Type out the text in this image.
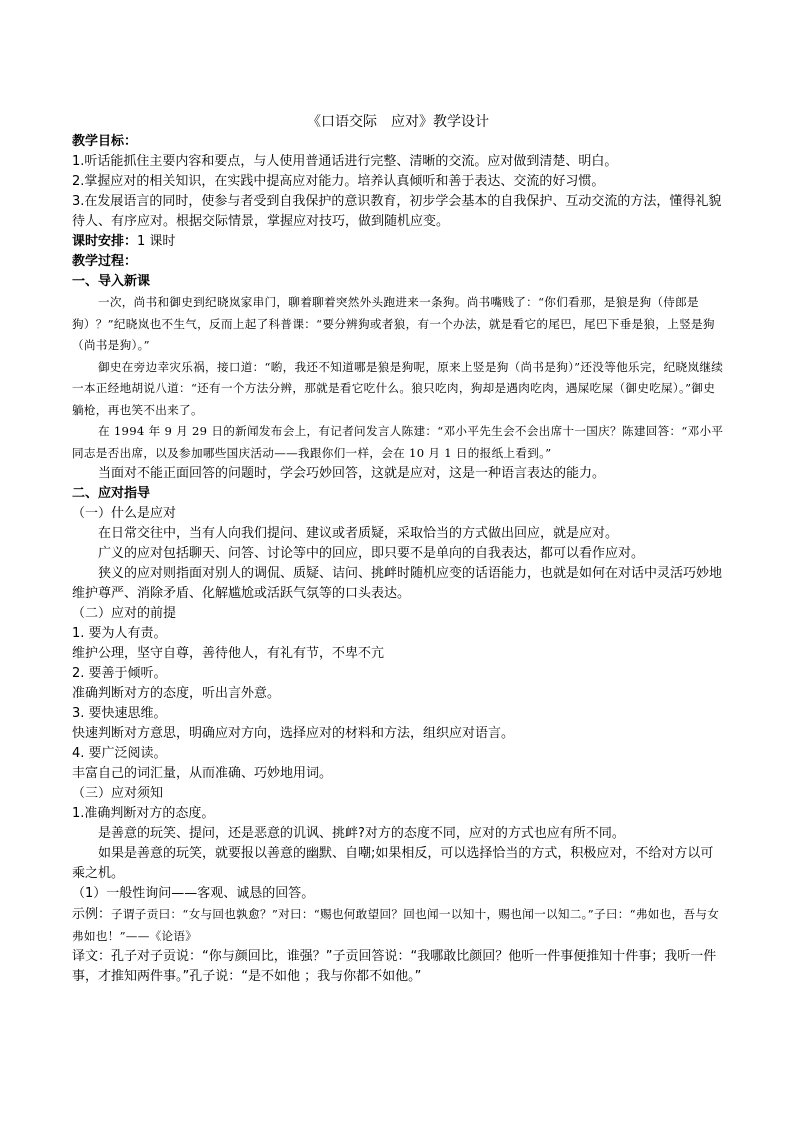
《口语交际　应对》教学设计

教学目标：

1.听话能抓住主要内容和要点，与人使用普通话进行完整、清晰的交流。应对做到清楚、明白。

2.掌握应对的相关知识，在实践中提高应对能力。培养认真倾听和善于表达、交流的好习惯。

3.在发展语言的同时，使参与者受到自我保护的意识教育，初步学会基本的自我保护、互动交流的方法，懂得礼貌待人、有序应对。根据交际情景，掌握应对技巧，做到随机应变。

课时安排：1 课时

教学过程：

一、导入新课

一次，尚书和御史到纪晓岚家串门，聊着聊着突然外头跑进来一条狗。尚书嘴贱了：“你们看那，是狼是狗（侍郎是狗）？”纪晓岚也不生气，反而上起了科普课：“要分辨狗或者狼，有一个办法，就是看它的尾巴，尾巴下垂是狼，上竖是狗（尚书是狗）。”

御史在旁边幸灾乐祸，接口道：“喲，我还不知道哪是狼是狗呢，原来上竖是狗（尚书是狗）”还没等他乐完，纪晓岚继续一本正经地胡说八道：“还有一个方法分辨，那就是看它吃什么。狼只吃肉，狗却是遇肉吃肉，遇屎吃屎（御史吃屎）。”御史躺枪，再也笑不出来了。

在 1994 年 9 月 29 日的新闻发布会上，有记者问发言人陈建：“邓小平先生会不会出席十一国庆？陈建回答：“邓小平同志是否出席，以及参加哪些国庆活动——我跟你们一样，会在 10 月 1 日的报纸上看到。”

当面对不能正面回答的问题时，学会巧妙回答，这就是应对，这是一种语言表达的能力。

二、应对指导

（一）什么是应对

在日常交往中，当有人向我们提问、建议或者质疑，采取恰当的方式做出回应，就是应对。

广义的应对包括聊天、问答、讨论等中的回应，即只要不是单向的自我表达，都可以看作应对。

狭义的应对则指面对别人的调侃、质疑、诘问、挑衅时随机应变的话语能力，也就是如何在对话中灵活巧妙地维护尊严、消除矛盾、化解尴尬或活跃气氛等的口头表达。

（二）应对的前提

1. 要为人有责。

维护公理，坚守自尊，善待他人，有礼有节，不卑不亢

2. 要善于倾听。

准确判断对方的态度，听出言外意。

3. 要快速思维。

快速判断对方意思，明确应对方向，选择应对的材料和方法，组织应对语言。

4. 要广泛阅读。

丰富自己的词汇量，从而准确、巧妙地用词。

（三）应对须知

1.准确判断对方的态度。

是善意的玩笑、提问，还是恶意的讥讽、挑衅?对方的态度不同，应对的方式也应有所不同。

如果是善意的玩笑，就要报以善意的幽默、自嘲;如果相反，可以选择恰当的方式，积极应对，不给对方以可乘之机。

（1）一般性询问——客观、诚恳的回答。

示例：子谓子贡曰：“女与回也孰愈？”对曰：“赐也何敢望回？回也闻一以知十，赐也闻一以知二。”子曰：“弗如也，吾与女弗如也！”——《论语》

译文：孔子对子贡说：“你与颜回比，谁强？”子贡回答说：“我哪敢比颜回？他听一件事便推知十件事；我听一件事，才推知两件事。”孔子说：“是不如他 ；我与你都不如他。”
